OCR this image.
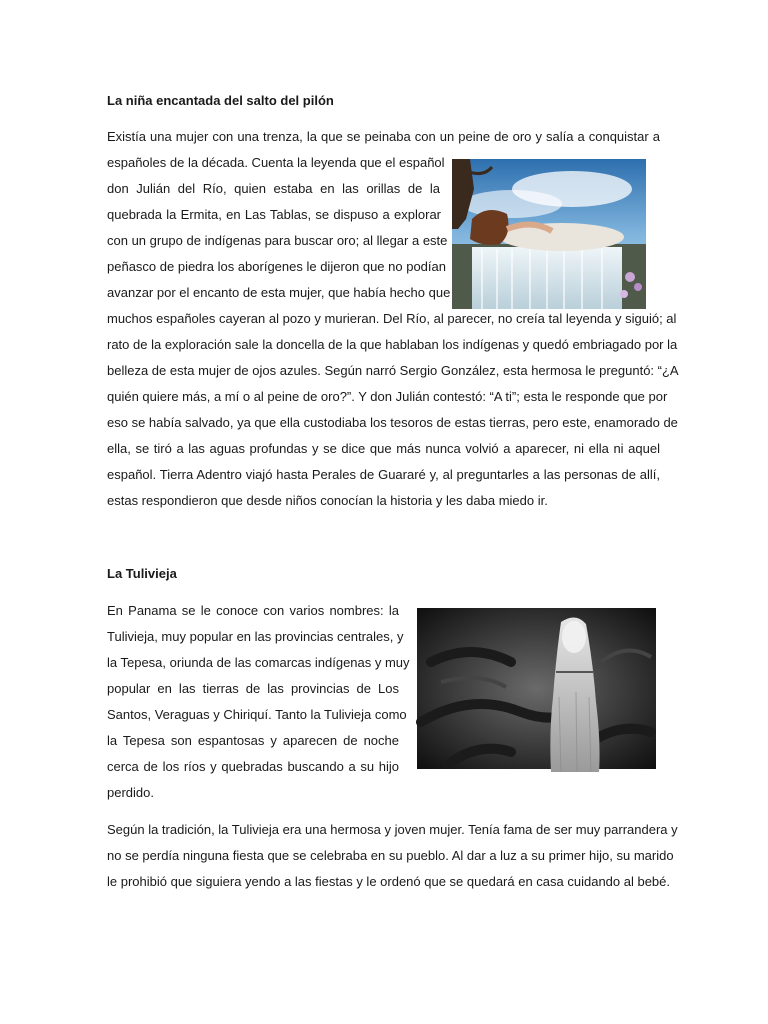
La niña encantada del salto del pilón
Existía una mujer con una trenza, la que se peinaba con un peine de oro y salía a conquistar a
españoles de la década. Cuenta la leyenda que el español
don Julián del Río, quien estaba en las orillas de la
quebrada la Ermita, en Las Tablas, se dispuso a explorar
con un grupo de indígenas para buscar oro; al llegar a este
peñasco de piedra los aborígenes le dijeron que no podían
avanzar por el encanto de esta mujer, que había hecho que
muchos españoles cayeran al pozo y murieran. Del Río, al parecer, no creía tal leyenda y siguió; al
rato de la exploración sale la doncella de la que hablaban los indígenas y quedó embriagado por la
belleza de esta mujer de ojos azules. Según narró Sergio González, esta hermosa le preguntó: “¿A
quién quiere más, a mí o al peine de oro?”. Y don Julián contestó: “A ti”; esta le responde que por
eso se había salvado, ya que ella custodiaba los tesoros de estas tierras, pero este, enamorado de
ella, se tiró a las aguas profundas y se dice que más nunca volvió a aparecer, ni ella ni aquel
español. Tierra Adentro viajó hasta Perales de Guararé y, al preguntarles a las personas de allí,
estas respondieron que desde niños conocían la historia y les daba miedo ir.
La Tulivieja
En Panama se le conoce con varios nombres: la
Tulivieja, muy popular en las provincias centrales, y
la Tepesa, oriunda de las comarcas indígenas y muy
popular en las tierras de las provincias de Los
Santos, Veraguas y Chiriquí. Tanto la Tulivieja como
la Tepesa son espantosas y aparecen de noche
cerca de los ríos y quebradas buscando a su hijo
perdido.
Según la tradición, la Tulivieja era una hermosa y joven mujer. Tenía fama de ser muy parrandera y
no se perdía ninguna fiesta que se celebraba en su pueblo. Al dar a luz a su primer hijo, su marido
le prohibió que siguiera yendo a las fiestas y le ordenó que se quedará en casa cuidando al bebé.
